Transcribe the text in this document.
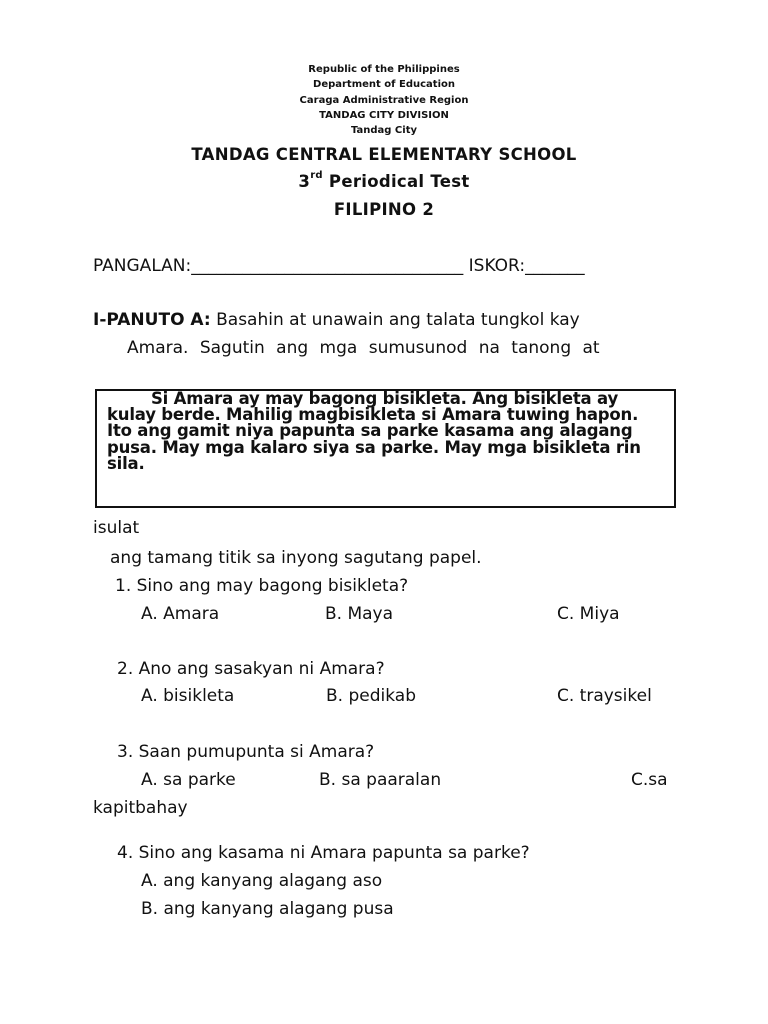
Republic of the Philippines
Department of Education
Caraga Administrative Region
TANDAG CITY DIVISION
Tandag City
TANDAG CENTRAL ELEMENTARY SCHOOL
3rd Periodical Test
FILIPINO 2
PANGALAN:________________________________ ISKOR:_______
I-PANUTO A: Basahin at unawain ang talata tungkol kay
Amara. Sagutin ang mga sumusunod na tanong at
Si Amara ay may bagong bisikleta. Ang bisikleta ay kulay berde. Mahilig magbisikleta si Amara tuwing hapon. Ito ang gamit niya papunta sa parke kasama ang alagang pusa. May mga kalaro siya sa parke. May mga bisikleta rin sila.
isulat
ang tamang titik sa inyong sagutang papel.
1. Sino ang may bagong bisikleta?
A. Amara	B. Maya	C. Miya
2. Ano ang sasakyan ni Amara?
A. bisikleta	B. pedikab	C. traysikel
3. Saan pumupunta si Amara?
A. sa parke	B. sa paaralan	C.sa
kapitbahay
4. Sino ang kasama ni Amara papunta sa parke?
A. ang kanyang alagang aso
B. ang kanyang alagang pusa
